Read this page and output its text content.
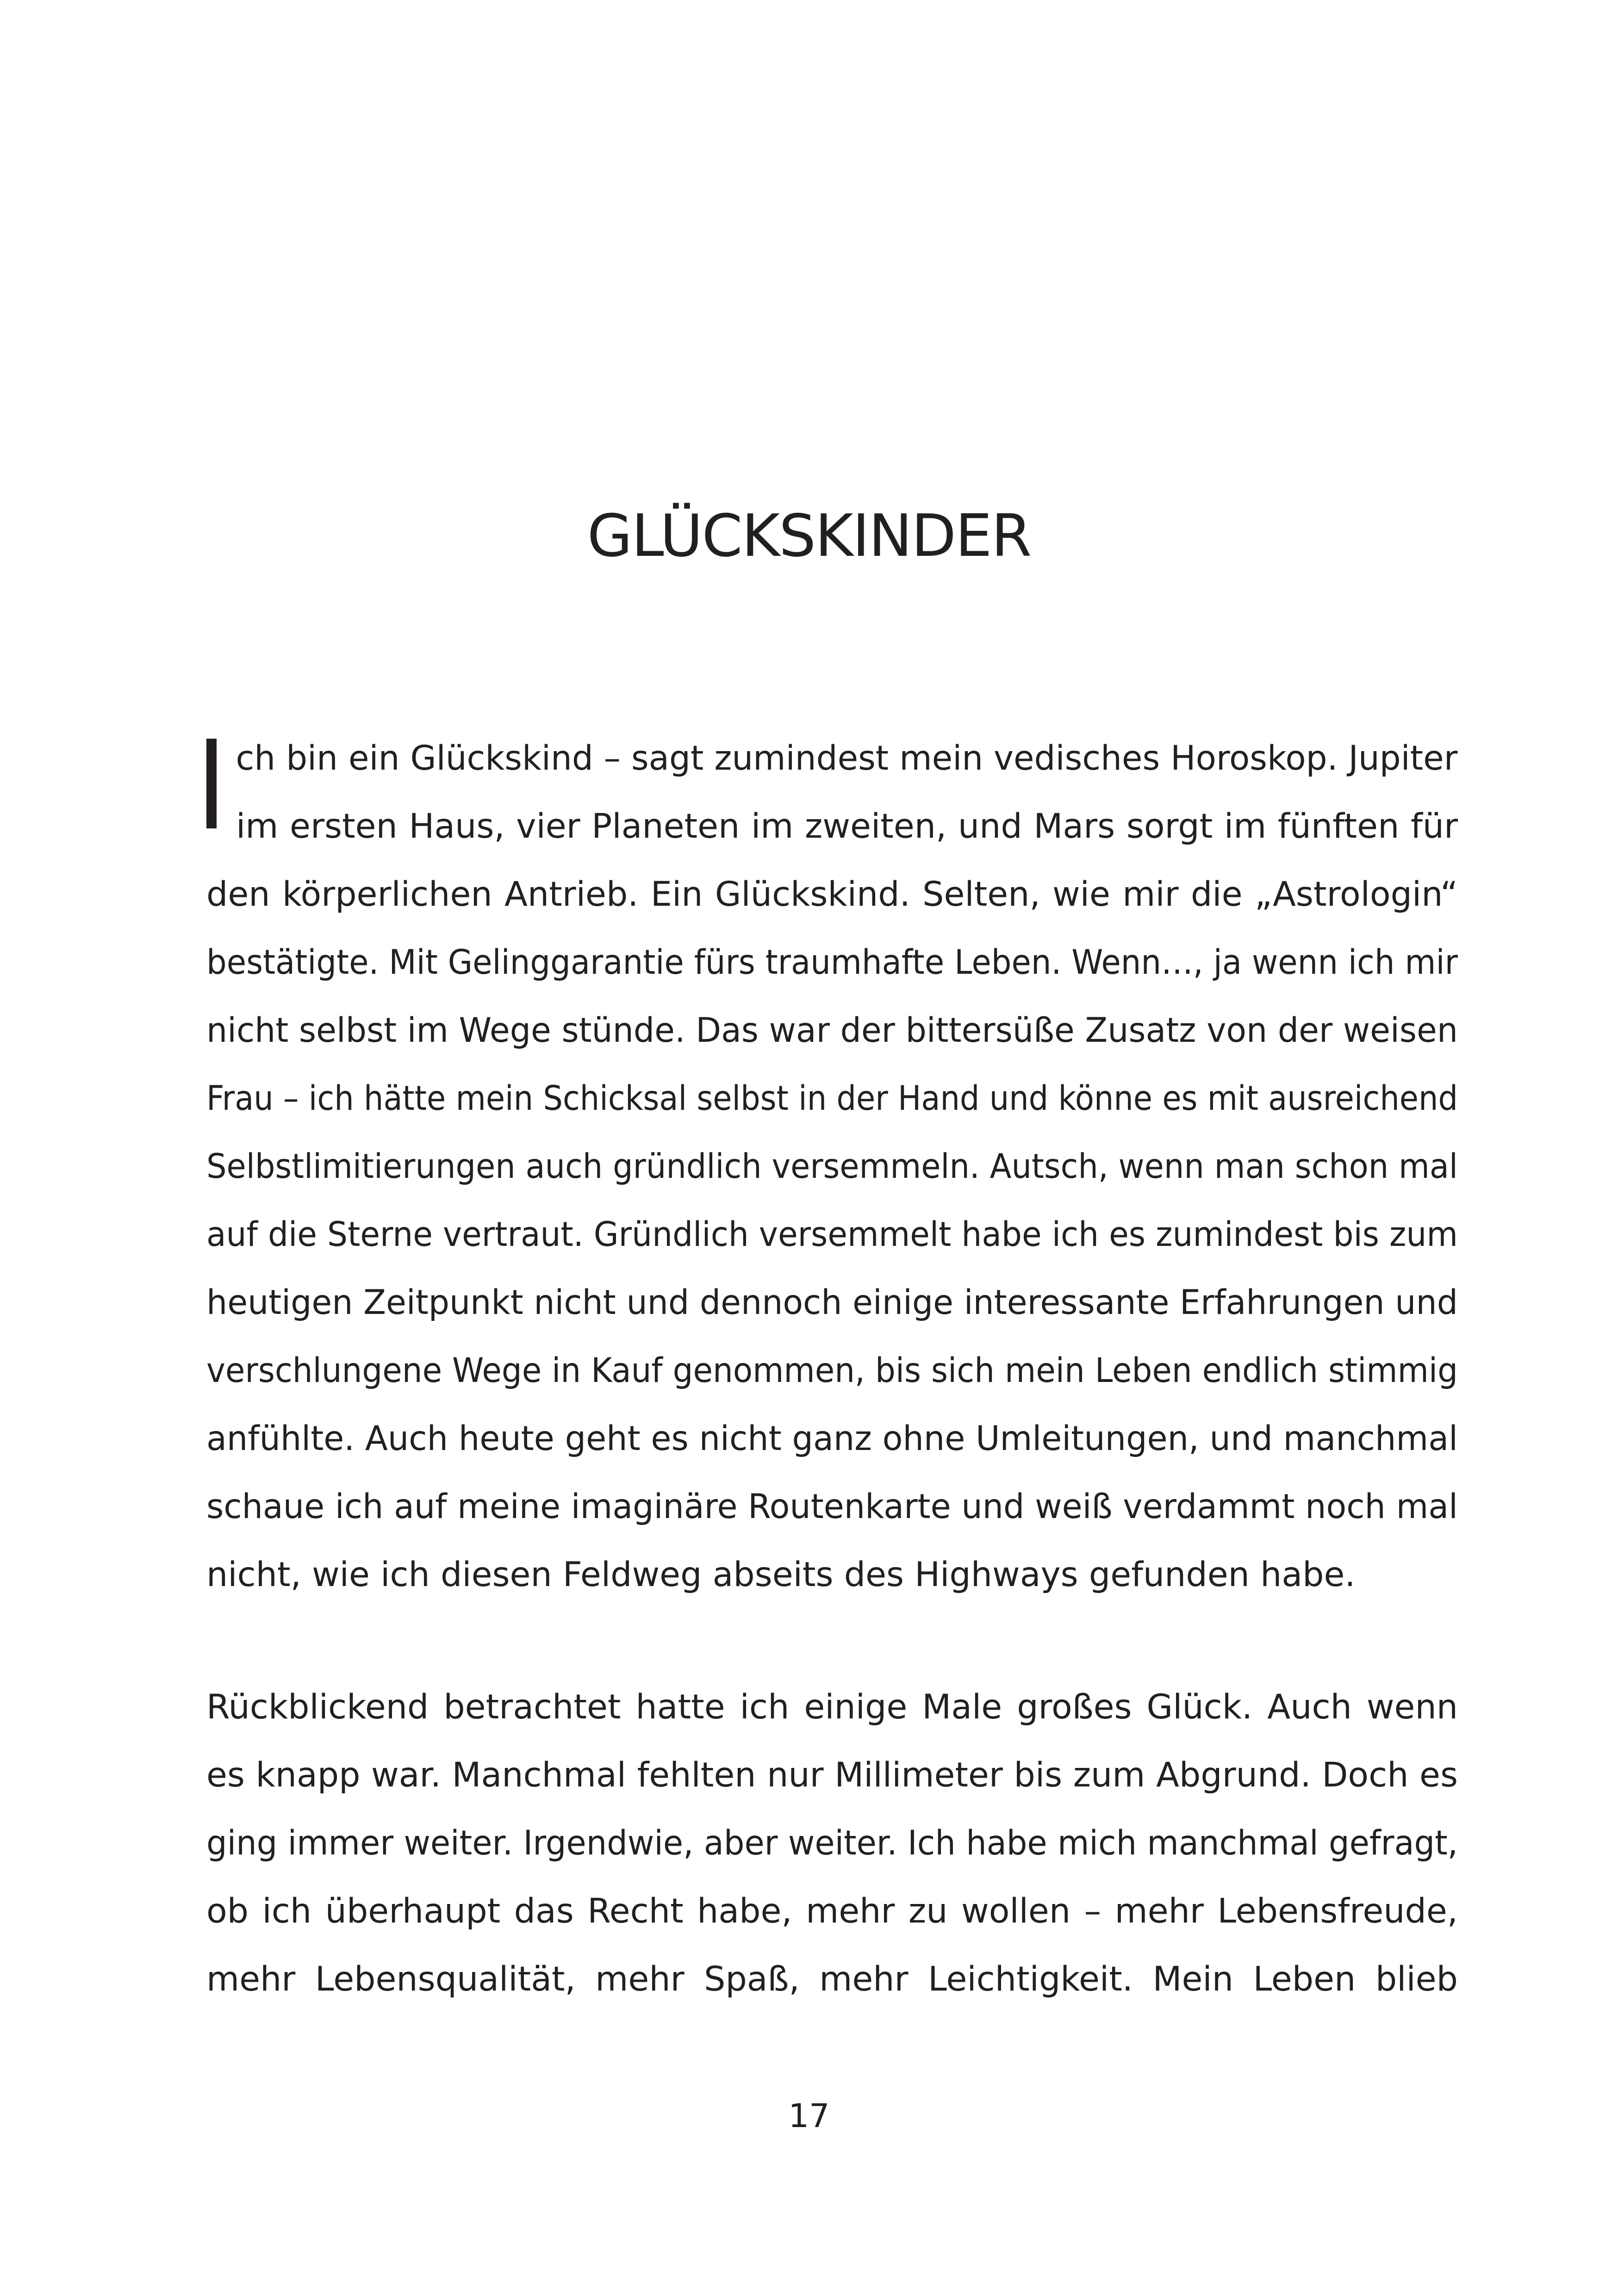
GLÜCKSKINDER

ch bin ein Glückskind – sagt zumindest mein vedisches Horoskop. Jupiter
im ersten Haus, vier Planeten im zweiten, und Mars sorgt im fünften für
den körperlichen Antrieb. Ein Glückskind. Selten, wie mir die „Astrologin“
bestätigte. Mit Gelinggarantie fürs traumhafte Leben. Wenn…, ja wenn ich mir
nicht selbst im Wege stünde. Das war der bittersüße Zusatz von der weisen
Frau – ich hätte mein Schicksal selbst in der Hand und könne es mit ausreichend
Selbstlimitierungen auch gründlich versemmeln. Autsch, wenn man schon mal
auf die Sterne vertraut. Gründlich versemmelt habe ich es zumindest bis zum
heutigen Zeitpunkt nicht und dennoch einige interessante Erfahrungen und
verschlungene Wege in Kauf genommen, bis sich mein Leben endlich stimmig
anfühlte. Auch heute geht es nicht ganz ohne Umleitungen, und manchmal
schaue ich auf meine imaginäre Routenkarte und weiß verdammt noch mal
nicht, wie ich diesen Feldweg abseits des Highways gefunden habe.

Rückblickend betrachtet hatte ich einige Male großes Glück. Auch wenn
es knapp war. Manchmal fehlten nur Millimeter bis zum Abgrund. Doch es
ging immer weiter. Irgendwie, aber weiter. Ich habe mich manchmal gefragt,
ob ich überhaupt das Recht habe, mehr zu wollen – mehr Lebensfreude,
mehr Lebensqualität, mehr Spaß, mehr Leichtigkeit. Mein Leben blieb

17
